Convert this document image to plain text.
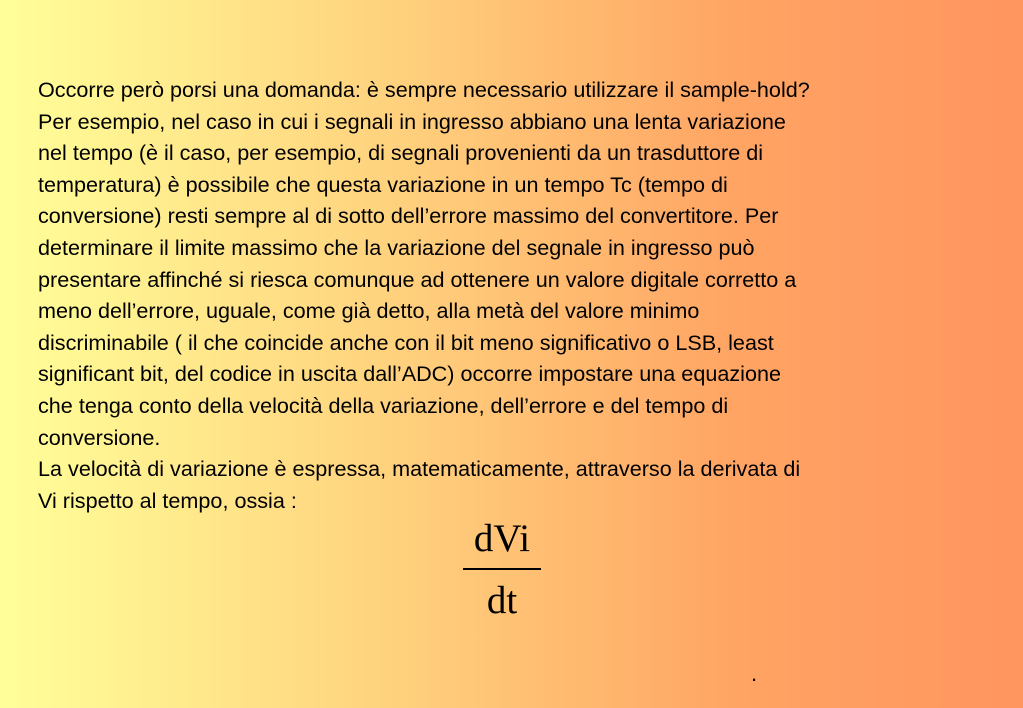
Occorre però porsi una domanda: è sempre necessario utilizzare il sample-hold?
Per esempio, nel caso in cui i segnali in ingresso abbiano una lenta variazione
nel tempo (è il caso, per esempio, di segnali provenienti da un trasduttore di
temperatura) è possibile che questa variazione in un tempo Tc (tempo di
conversione) resti sempre al di sotto dell’errore massimo del convertitore. Per
determinare il limite massimo che la variazione del segnale in ingresso può
presentare affinché si riesca comunque ad ottenere un valore digitale corretto a
meno dell’errore, uguale, come già detto, alla metà del valore minimo
discriminabile ( il che coincide anche con il bit meno significativo o LSB, least
significant bit, del codice in uscita dall’ADC) occorre impostare una equazione
che tenga conto della velocità della variazione, dell’errore e del tempo di
conversione.
La velocità di variazione è espressa, matematicamente, attraverso la derivata di
Vi rispetto al tempo, ossia :
dVi
dt
.
